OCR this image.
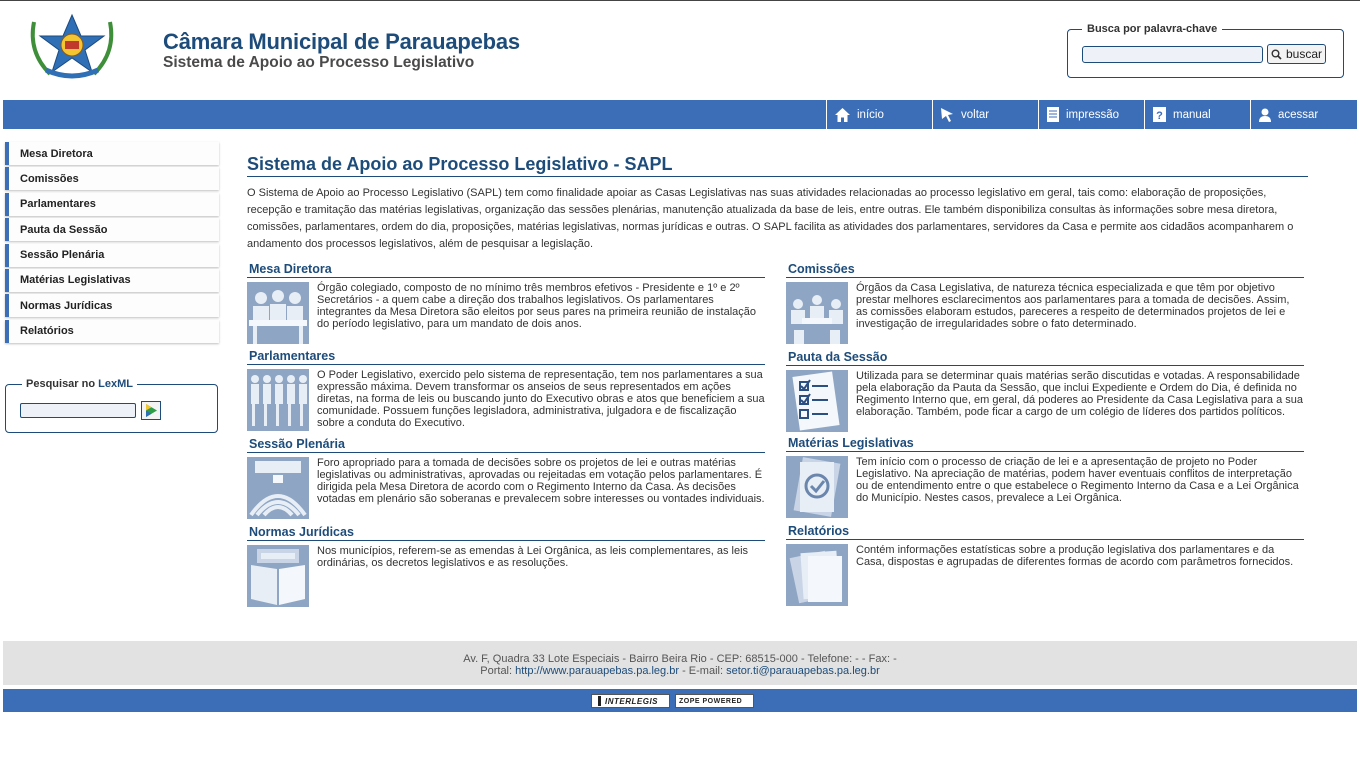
Câmara Municipal de Parauapebas
Sistema de Apoio ao Processo Legislativo
Busca por palavra-chave
buscar
início	voltar	impressão	? manual	acessar
Mesa Diretora
Comissões
Parlamentares
Pauta da Sessão
Sessão Plenária
Matérias Legislativas
Normas Jurídicas
Relatórios
Pesquisar no LexML
Sistema de Apoio ao Processo Legislativo - SAPL
O Sistema de Apoio ao Processo Legislativo (SAPL) tem como finalidade apoiar as Casas Legislativas nas suas atividades relacionadas ao processo legislativo em geral, tais como: elaboração de proposições, recepção e tramitação das matérias legislativas, organização das sessões plenárias, manutenção atualizada da base de leis, entre outras. Ele também disponibiliza consultas às informações sobre mesa diretora, comissões, parlamentares, ordem do dia, proposições, matérias legislativas, normas jurídicas e outras. O SAPL facilita as atividades dos parlamentares, servidores da Casa e permite aos cidadãos acompanharem o andamento dos processos legislativos, além de pesquisar a legislação.
Mesa Diretora
Órgão colegiado, composto de no mínimo três membros efetivos - Presidente e 1º e 2º Secretários - a quem cabe a direção dos trabalhos legislativos. Os parlamentares integrantes da Mesa Diretora são eleitos por seus pares na primeira reunião de instalação do período legislativo, para um mandato de dois anos.
Comissões
Órgãos da Casa Legislativa, de natureza técnica especializada e que têm por objetivo prestar melhores esclarecimentos aos parlamentares para a tomada de decisões. Assim, as comissões elaboram estudos, pareceres a respeito de determinados projetos de lei e investigação de irregularidades sobre o fato determinado.
Parlamentares
O Poder Legislativo, exercido pelo sistema de representação, tem nos parlamentares a sua expressão máxima. Devem transformar os anseios de seus representados em ações diretas, na forma de leis ou buscando junto do Executivo obras e atos que beneficiem a sua comunidade. Possuem funções legisladora, administrativa, julgadora e de fiscalização sobre a conduta do Executivo.
Pauta da Sessão
Utilizada para se determinar quais matérias serão discutidas e votadas. A responsabilidade pela elaboração da Pauta da Sessão, que inclui Expediente e Ordem do Dia, é definida no Regimento Interno que, em geral, dá poderes ao Presidente da Casa Legislativa para a sua elaboração. Também, pode ficar a cargo de um colégio de líderes dos partidos políticos.
Sessão Plenária
Foro apropriado para a tomada de decisões sobre os projetos de lei e outras matérias legislativas ou administrativas, aprovadas ou rejeitadas em votação pelos parlamentares. É dirigida pela Mesa Diretora de acordo com o Regimento Interno da Casa. As decisões votadas em plenário são soberanas e prevalecem sobre interesses ou vontades individuais.
Matérias Legislativas
Tem início com o processo de criação de lei e a apresentação de projeto no Poder Legislativo. Na apreciação de matérias, podem haver eventuais conflitos de interpretação ou de entendimento entre o que estabelece o Regimento Interno da Casa e a Lei Orgânica do Município. Nestes casos, prevalece a Lei Orgânica.
Normas Jurídicas
Nos municípios, referem-se as emendas à Lei Orgânica, as leis complementares, as leis ordinárias, os decretos legislativos e as resoluções.
Relatórios
Contém informações estatísticas sobre a produção legislativa dos parlamentares e da Casa, dispostas e agrupadas de diferentes formas de acordo com parâmetros fornecidos.
Av. F, Quadra 33 Lote Especiais - Bairro Beira Rio - CEP: 68515-000 - Telefone: - - Fax: -
Portal: http://www.parauapebas.pa.leg.br - E-mail: setor.ti@parauapebas.pa.leg.br
INTERLEGIS	ZOPE POWERED
